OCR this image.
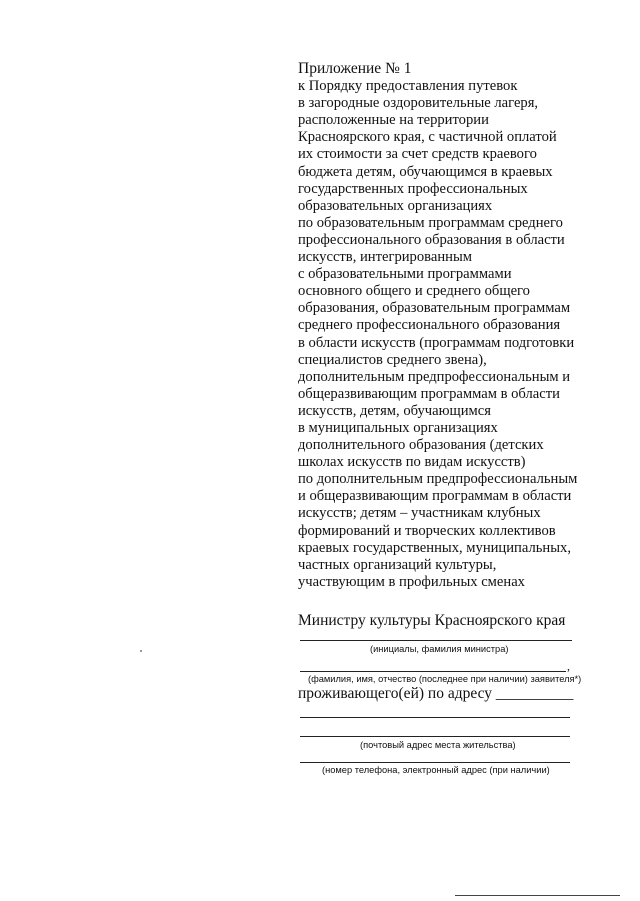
Приложение № 1
к Порядку предоставления путевок
в загородные оздоровительные лагеря,
расположенные на территории
Красноярского края, с частичной оплатой
их стоимости за счет средств краевого
бюджета детям, обучающимся в краевых
государственных профессиональных
образовательных организациях
по образовательным программам среднего
профессионального образования в области
искусств, интегрированным
с образовательными программами
основного общего и среднего общего
образования, образовательным программам
среднего профессионального образования
в области искусств (программам подготовки
специалистов среднего звена),
дополнительным предпрофессиональным и
общеразвивающим программам в области
искусств, детям, обучающимся
в муниципальных организациях
дополнительного образования (детских
школах искусств по видам искусств)
по дополнительным предпрофессиональным
и общеразвивающим программам в области
искусств; детям – участникам клубных
формирований и творческих коллективов
краевых государственных, муниципальных,
частных организаций культуры,
участвующим в профильных сменах
Министру культуры Красноярского края
(инициалы, фамилия министра)
,
(фамилия, имя, отчество (последнее при наличии) заявителя*)
проживающего(ей) по адресу __________
(почтовый адрес места жительства)
(номер телефона, электронный адрес (при наличии)
